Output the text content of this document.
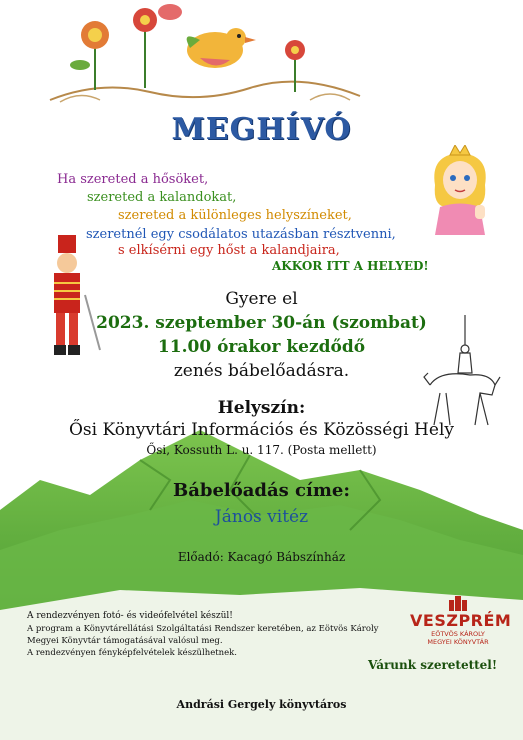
MEGHÍVÓ
Ha szereted a hősöket,
szereted a kalandokat,
szereted a különleges helyszíneket,
szeretnél egy csodálatos utazásban résztvenni,
s elkísérni egy hőst a kalandjaira,
AKKOR ITT A HELYED!
Gyere el
2023. szeptember 30-án (szombat)
11.00 órakor kezdődő
zenés bábelőadásra.
Helyszín:
Ősi Könyvtári Információs és Közösségi Hely
Ősi, Kossuth L. u. 117. (Posta mellett)
Bábelőadás címe:
János vitéz
Előadó: Kacagó Bábszínház
A rendezvényen fotó- és videófelvétel készül!
A program a Könyvtárellátási Szolgáltatási Rendszer keretében, az Eötvös Károly
Megyei Könyvtár támogatásával valósul meg.
A rendezvényen fényképfelvételek készülhetnek.
VESZPRÉM
EÖTVÖS KÁROLY
MEGYEI KÖNYVTÁR
Várunk szeretettel!
Andrási Gergely könyvtáros
